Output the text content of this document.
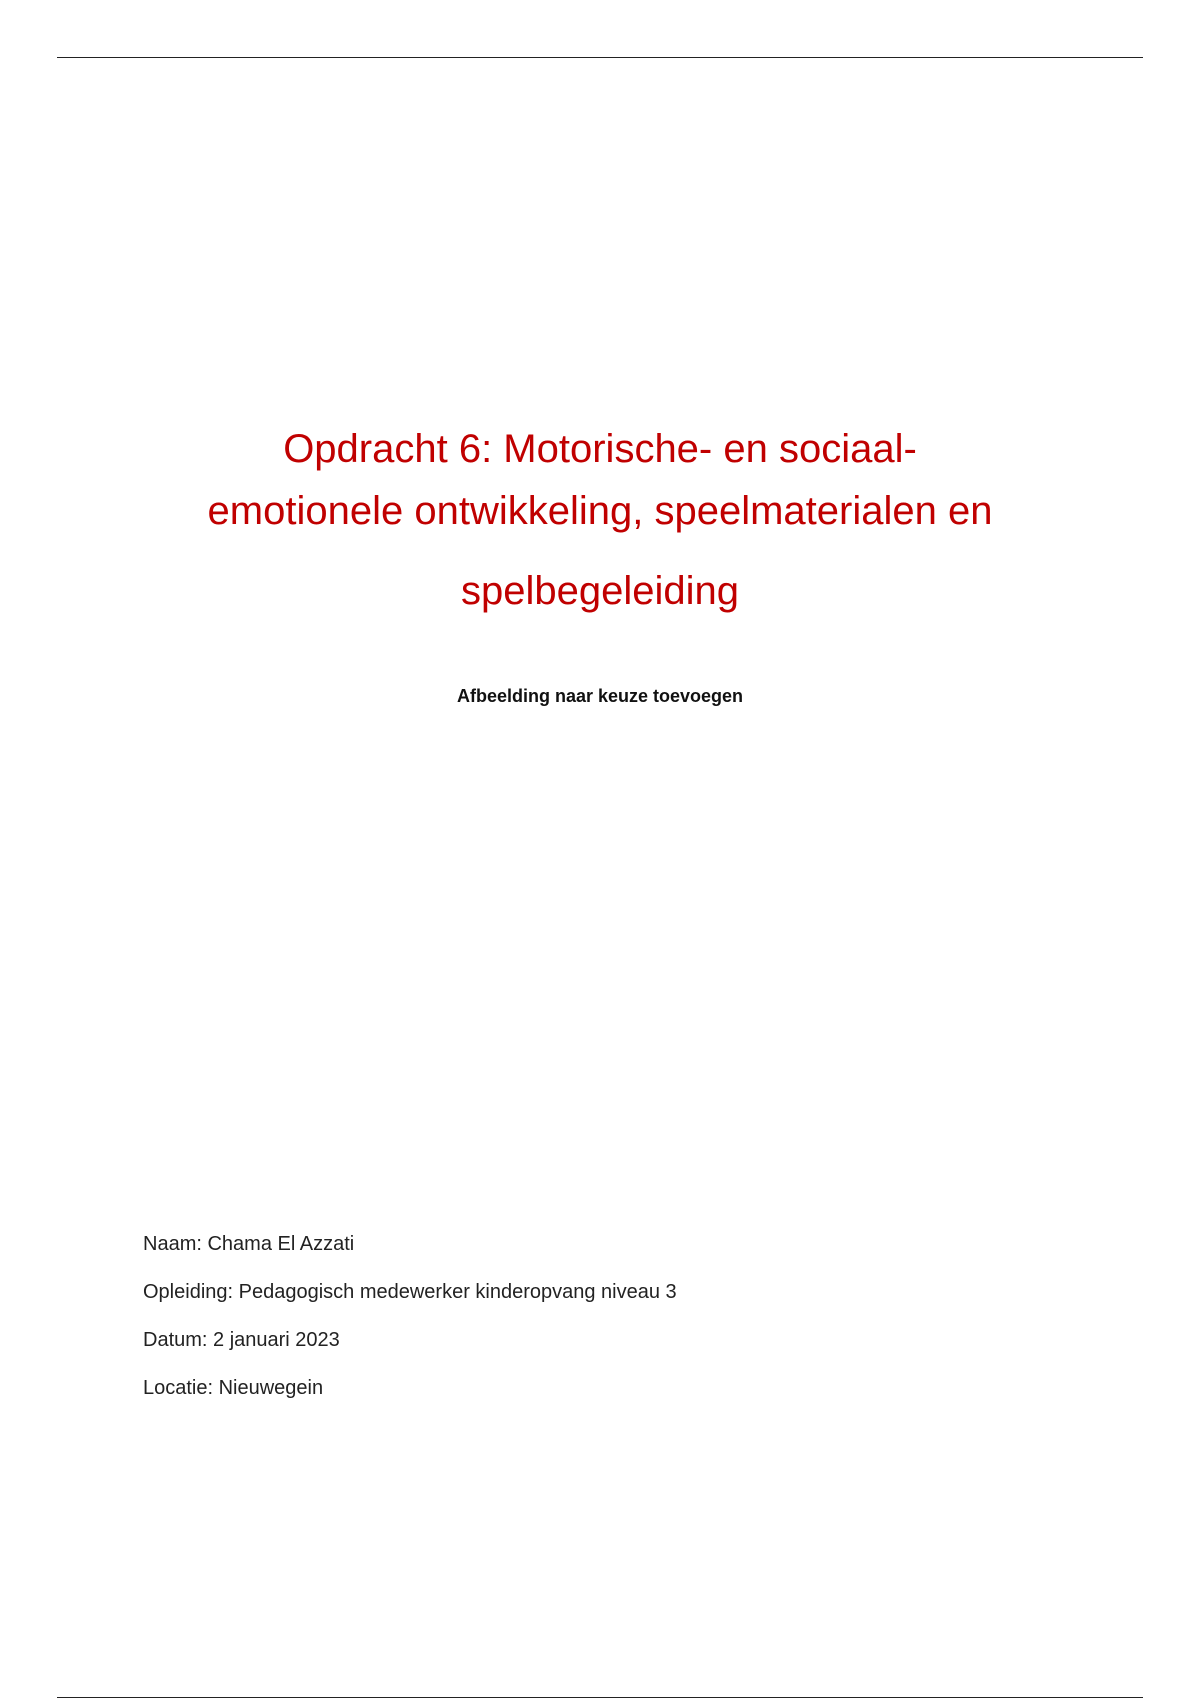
Opdracht 6: Motorische- en sociaal-
emotionele ontwikkeling, speelmaterialen en
spelbegeleiding
Afbeelding naar keuze toevoegen
Naam: Chama El Azzati
Opleiding: Pedagogisch medewerker kinderopvang niveau 3
Datum: 2 januari 2023
Locatie: Nieuwegein
